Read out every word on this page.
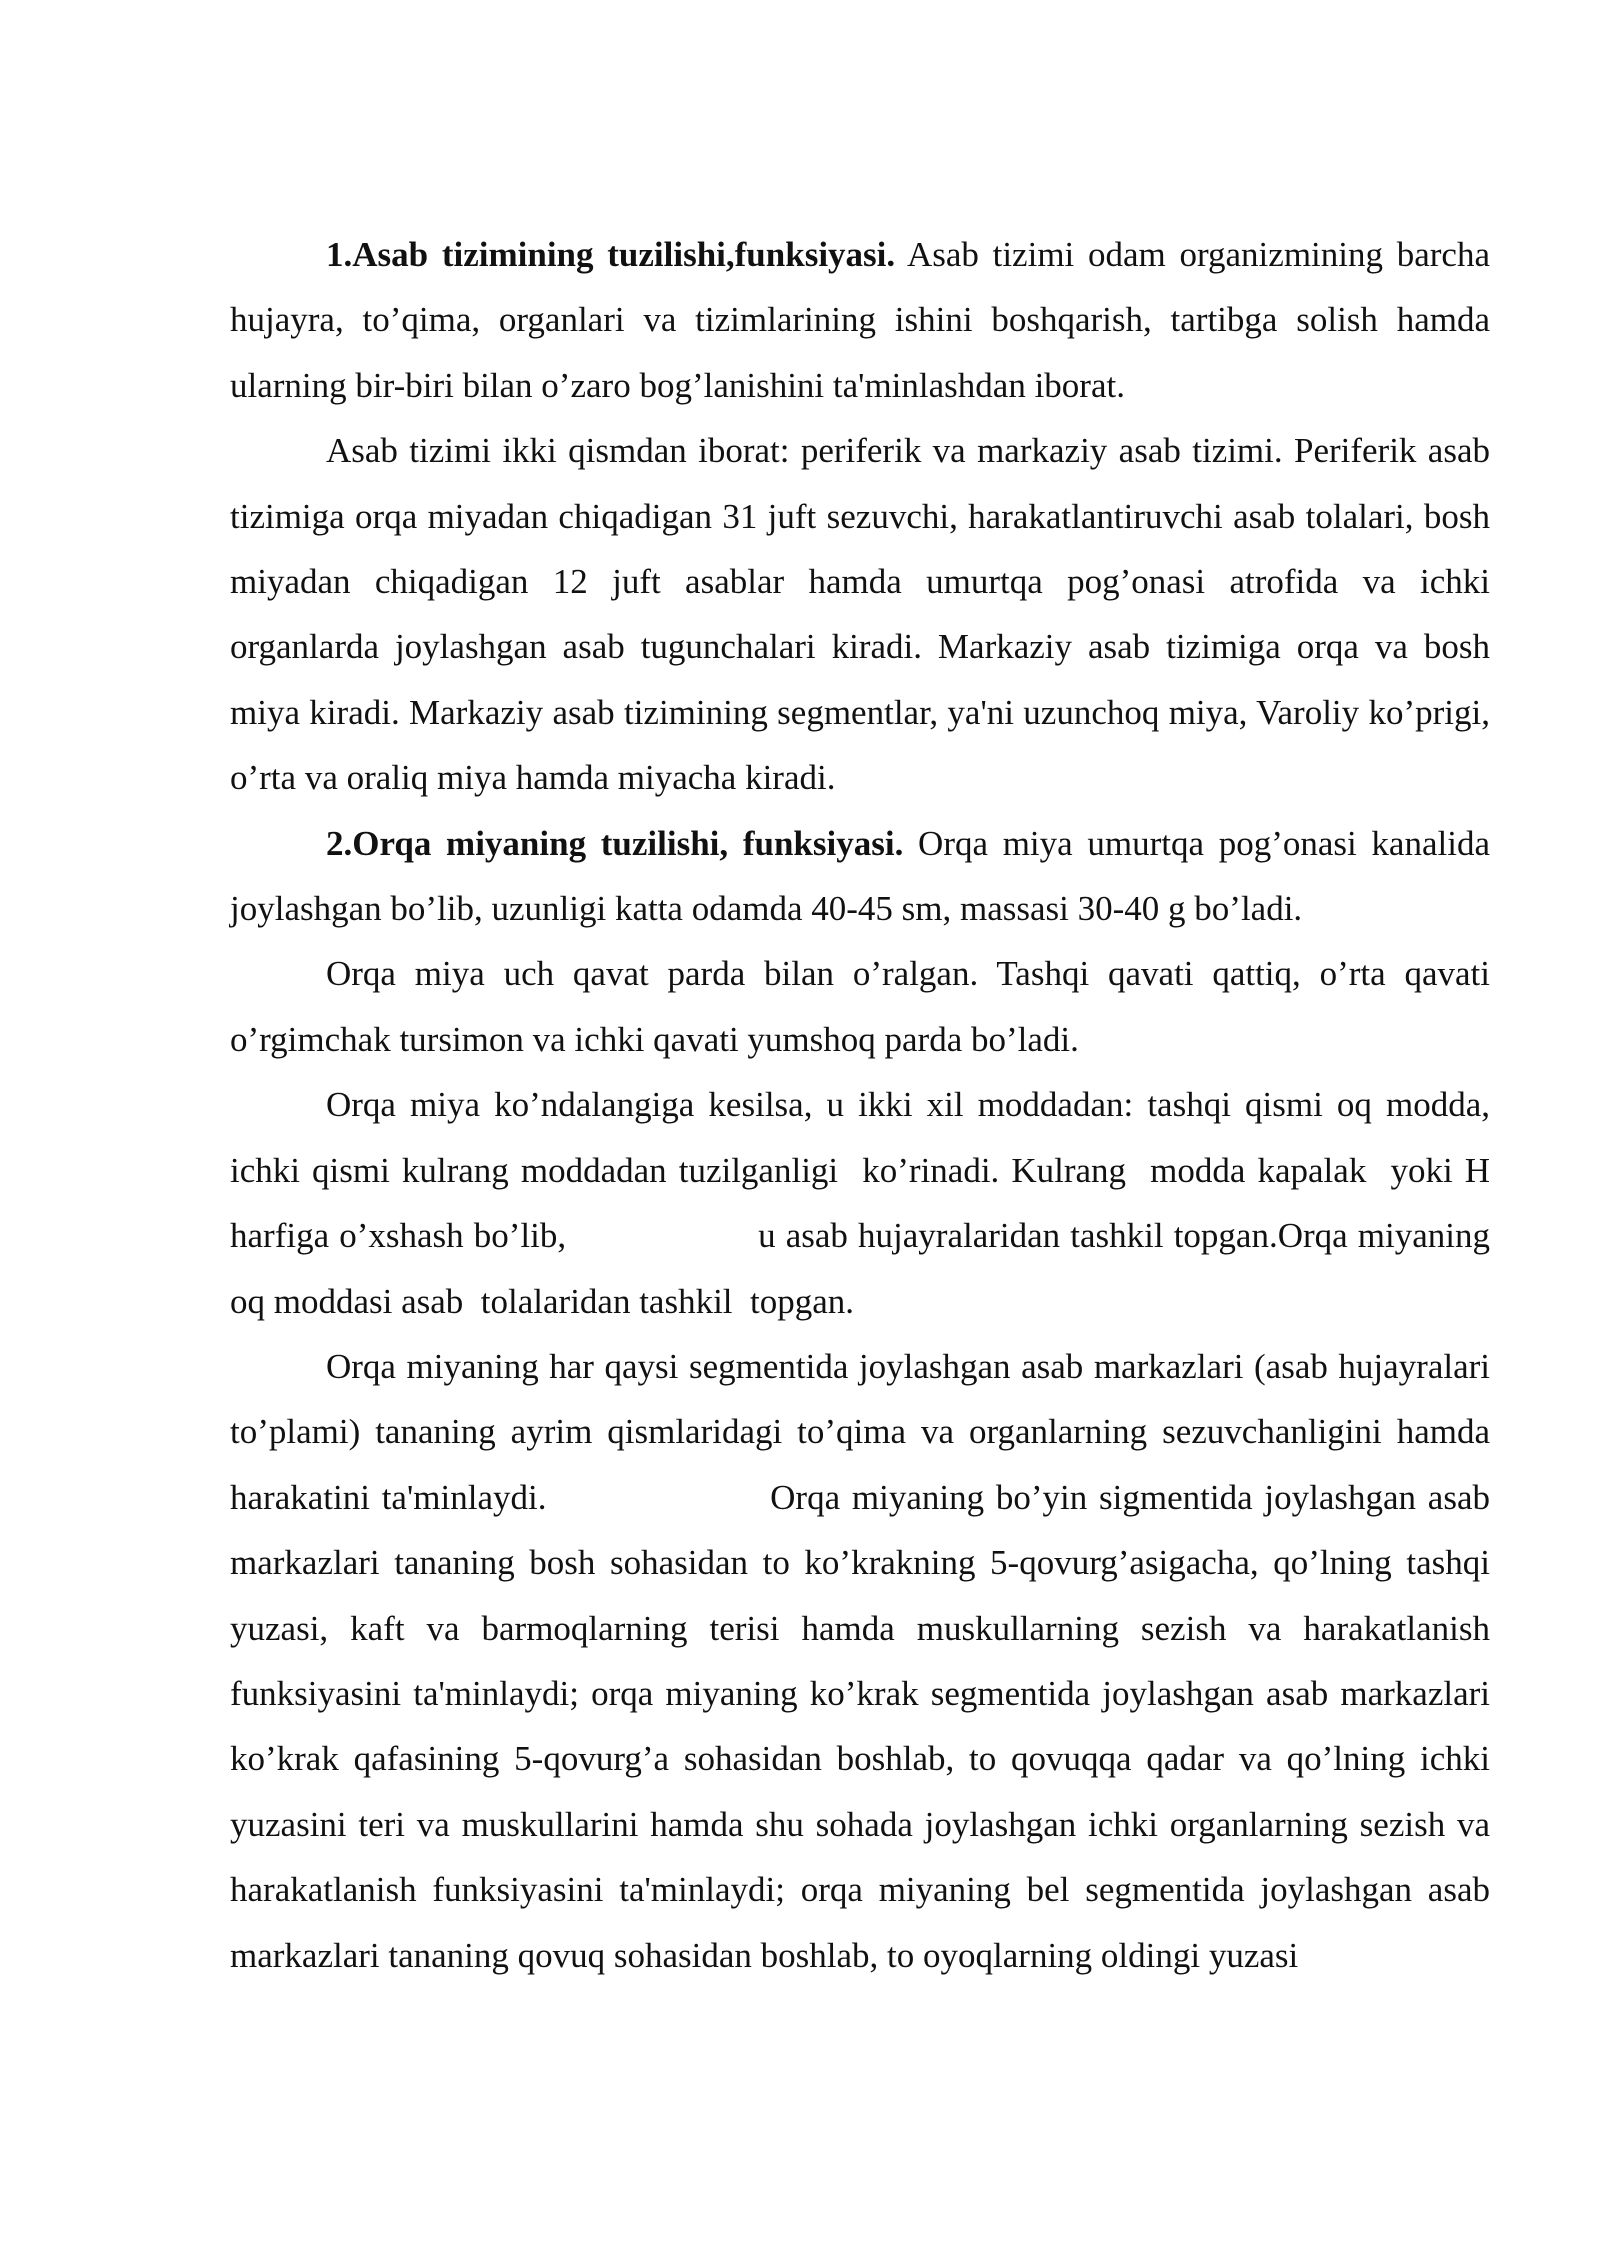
1.Asab tizimining tuzilishi,funksiyasi. Asab tizimi odam organizmining barcha hujayra, to’qima, organlari va tizimlarining ishini boshqarish, tartibga solish hamda ularning bir-biri bilan o’zaro bog’lanishini ta'minlashdan iborat.

Asab tizimi ikki qismdan iborat: periferik va markaziy asab tizimi. Periferik asab tizimiga orqa miyadan chiqadigan 31 juft sezuvchi, harakatlantiruvchi asab tolalari, bosh miyadan chiqadigan 12 juft asablar hamda umurtqa pog’onasi atrofida va ichki organlarda joylashgan asab tugunchalari kiradi. Markaziy asab tizimiga orqa va bosh miya kiradi. Markaziy asab tizimining segmentlar, ya'ni uzunchoq miya, Varoliy ko’prigi, o’rta va oraliq miya hamda miyacha kiradi.

2.Orqa miyaning tuzilishi, funksiyasi. Orqa miya umurtqa pog’onasi kanalida joylashgan bo’lib, uzunligi katta odamda 40-45 sm, massasi 30-40 g bo’ladi.

Orqa miya uch qavat parda bilan o’ralgan. Tashqi qavati qattiq, o’rta qavati o’rgimchak tursimon va ichki qavati yumshoq parda bo’ladi.

Orqa miya ko’ndalangiga kesilsa, u ikki xil moddadan: tashqi qismi oq modda, ichki qismi kulrang moddadan tuzilganligi  ko’rinadi. Kulrang  modda kapalak  yoki H harfiga o’xshash bo’lib,                   u asab hujayralaridan tashkil topgan.Orqa miyaning oq moddasi asab  tolalaridan tashkil  topgan.

Orqa miyaning har qaysi segmentida joylashgan asab markazlari (asab hujayralari to’plami) tananing ayrim qismlaridagi to’qima va organlarning sezuvchanligini hamda harakatini ta'minlaydi.                   Orqa miyaning bo’yin sigmentida joylashgan asab markazlari tananing bosh sohasidan to ko’krakning 5-qovurg’asigacha, qo’lning tashqi yuzasi, kaft va barmoqlarning terisi hamda muskullarning sezish va harakatlanish funksiyasini ta'minlaydi; orqa miyaning ko’krak segmentida joylashgan asab markazlari ko’krak qafasining 5-qovurg’a sohasidan boshlab, to qovuqqa qadar va qo’lning ichki yuzasini teri va muskullarini hamda shu sohada joylashgan ichki organlarning sezish va harakatlanish funksiyasini ta'minlaydi; orqa miyaning bel segmentida joylashgan asab markazlari tananing qovuq sohasidan boshlab, to oyoqlarning oldingi yuzasi
